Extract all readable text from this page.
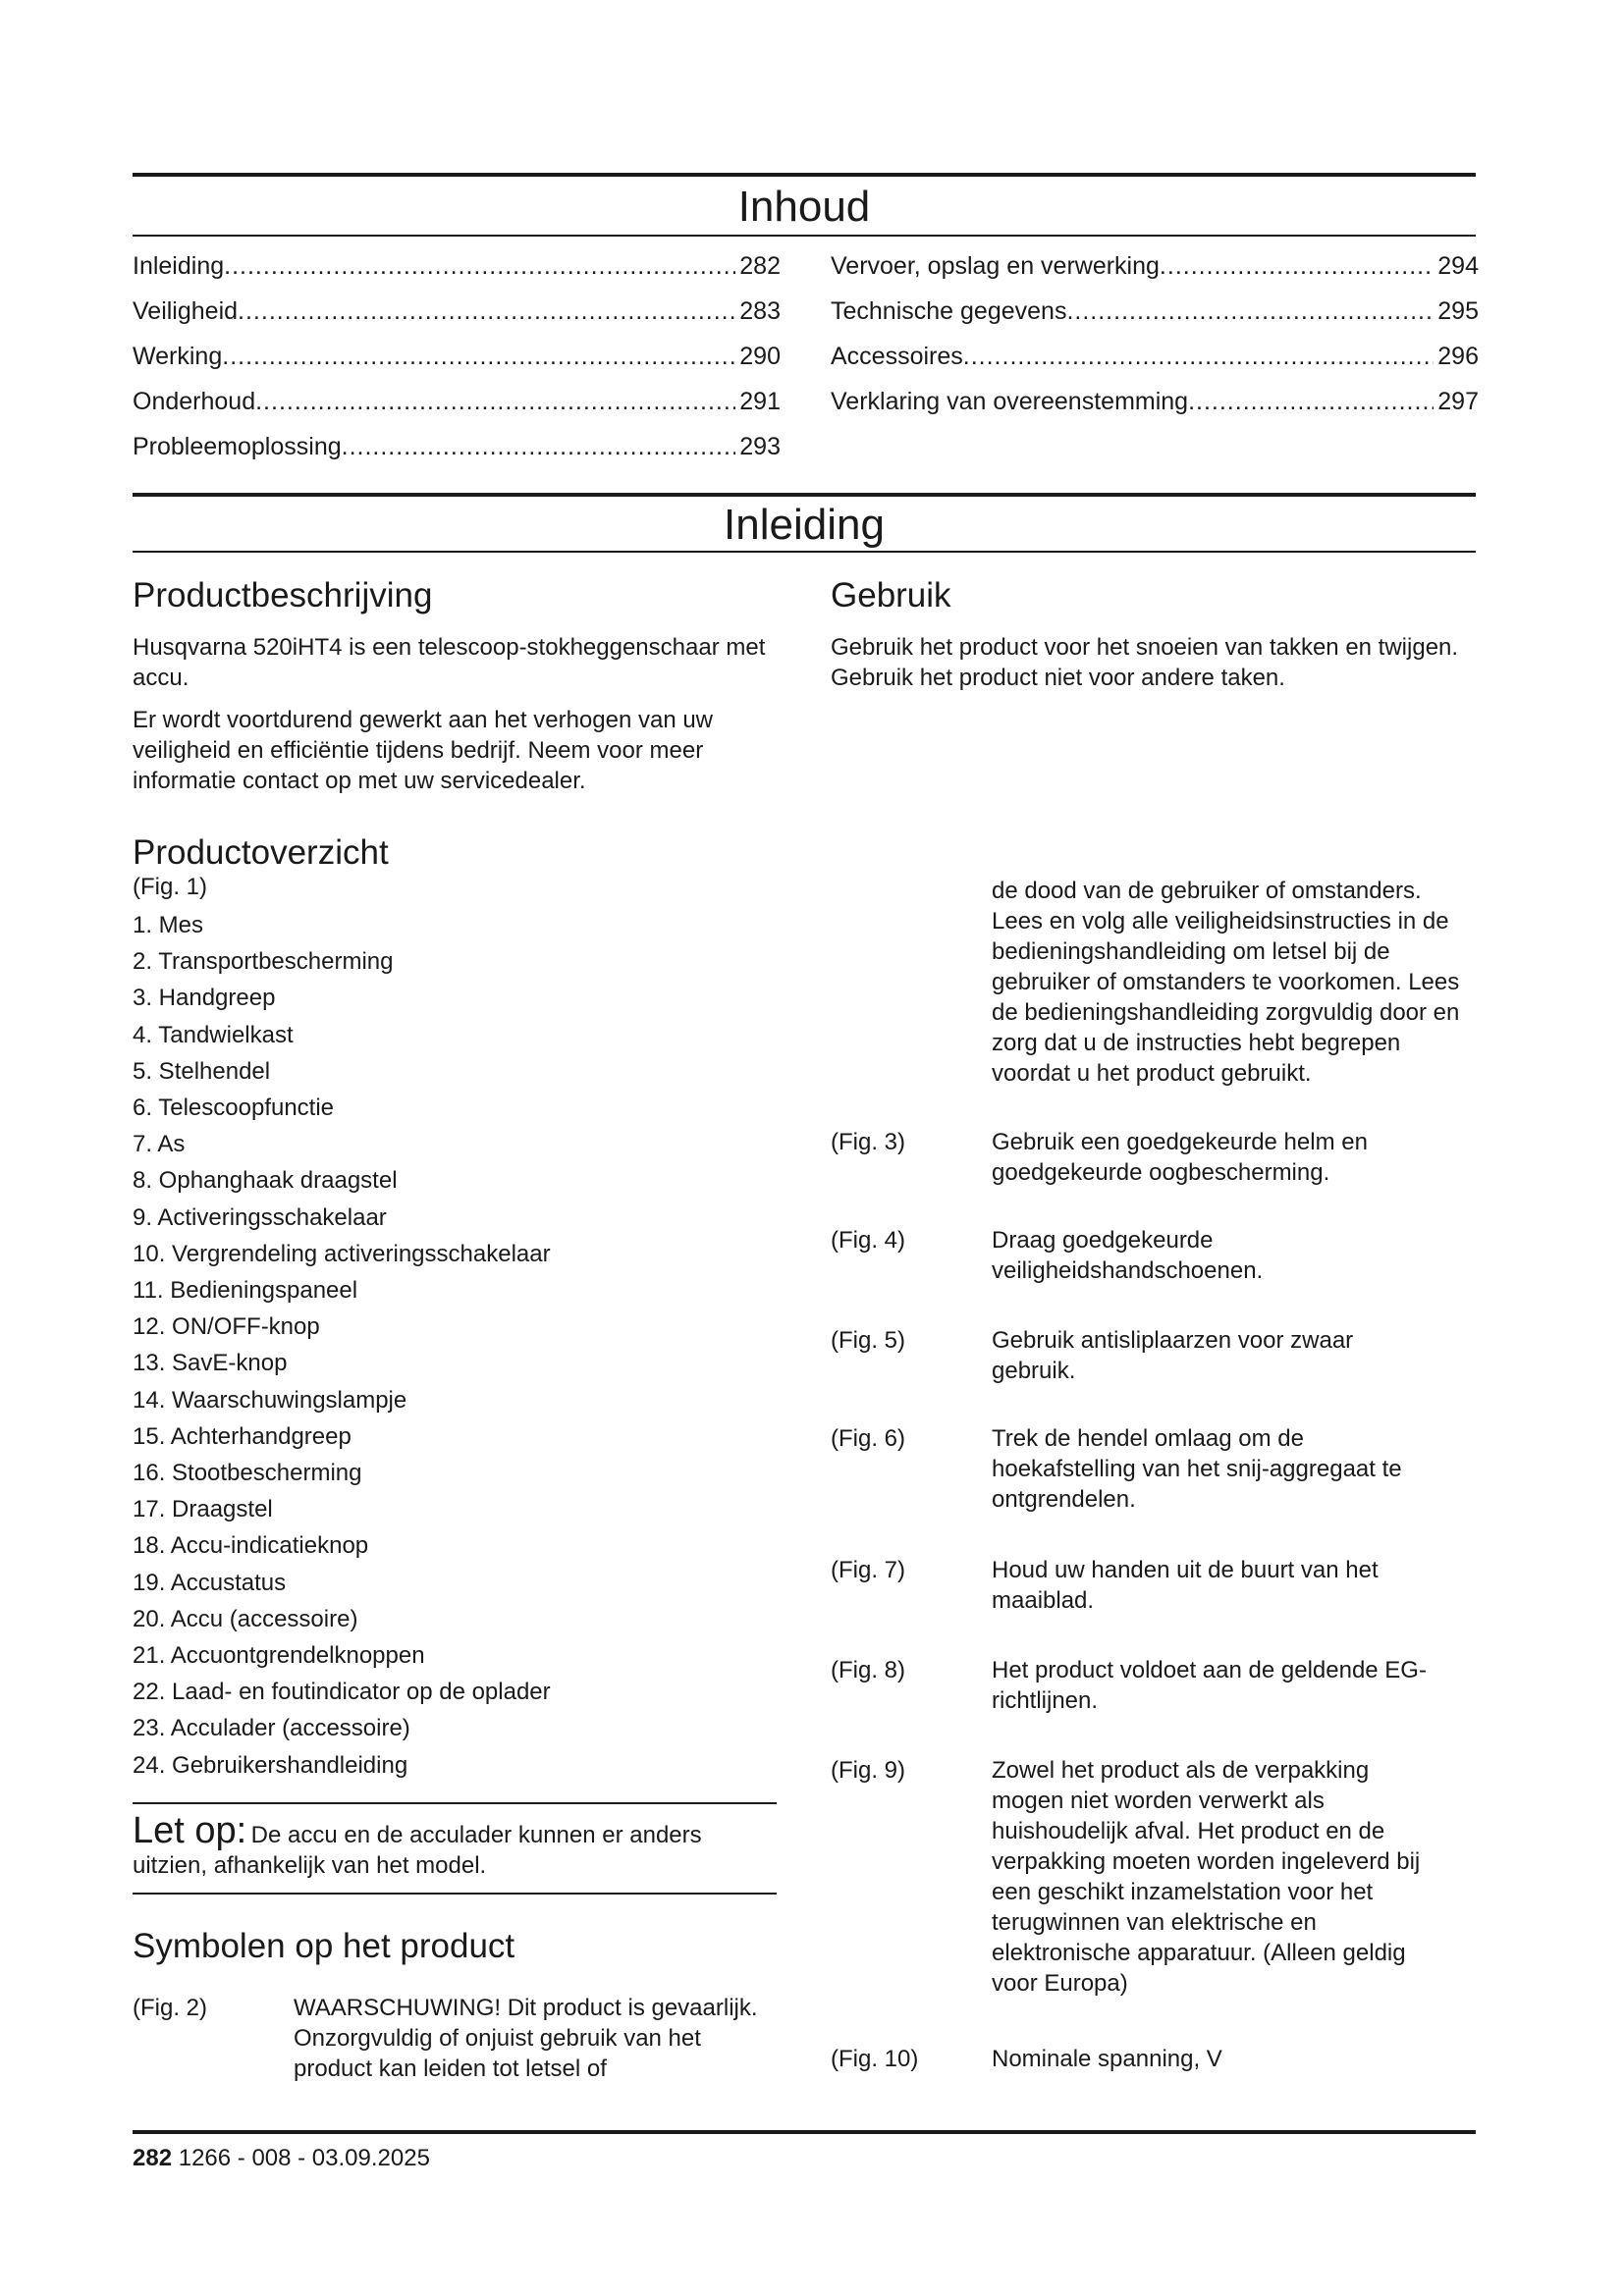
Inhoud
Inleiding .....	282
Veiligheid .....	283
Werking .....	290
Onderhoud .....	291
Probleemoplossing .....	293
Vervoer, opslag en verwerking .....	294
Technische gegevens .....	295
Accessoires .....	296
Verklaring van overeenstemming .....	297
Inleiding
Productbeschrijving

Husqvarna 520iHT4 is een telescoop-stokheggenschaar met accu.

Er wordt voortdurend gewerkt aan het verhogen van uw veiligheid en efficiëntie tijdens bedrijf. Neem voor meer informatie contact op met uw servicedealer.

Gebruik

Gebruik het product voor het snoeien van takken en twijgen. Gebruik het product niet voor andere taken.

Productoverzicht
(Fig. 1)
1. Mes
2. Transportbescherming
3. Handgreep
4. Tandwielkast
5. Stelhendel
6. Telescoopfunctie
7. As
8. Ophanghaak draagstel
9. Activeringsschakelaar
10. Vergrendeling activeringsschakelaar
11. Bedieningspaneel
12. ON/OFF-knop
13. SavE-knop
14. Waarschuwingslampje
15. Achterhandgreep
16. Stootbescherming
17. Draagstel
18. Accu-indicatieknop
19. Accustatus
20. Accu (accessoire)
21. Accuontgrendelknoppen
22. Laad- en foutindicator op de oplader
23. Acculader (accessoire)
24. Gebruikershandleiding
Let op: De accu en de acculader kunnen er anders uitzien, afhankelijk van het model.
Symbolen op het product
(Fig. 2)	WAARSCHUWING! Dit product is gevaarlijk. Onzorgvuldig of onjuist gebruik van het product kan leiden tot letsel of
de dood van de gebruiker of omstanders. Lees en volg alle veiligheidsinstructies in de bedieningshandleiding om letsel bij de gebruiker of omstanders te voorkomen. Lees de bedieningshandleiding zorgvuldig door en zorg dat u de instructies hebt begrepen voordat u het product gebruikt.
(Fig. 3)	Gebruik een goedgekeurde helm en goedgekeurde oogbescherming.
(Fig. 4)	Draag goedgekeurde veiligheidshandschoenen.
(Fig. 5)	Gebruik antisliplaarzen voor zwaar gebruik.
(Fig. 6)	Trek de hendel omlaag om de hoekafstelling van het snij-aggregaat te ontgrendelen.
(Fig. 7)	Houd uw handen uit de buurt van het maaiblad.
(Fig. 8)	Het product voldoet aan de geldende EG-richtlijnen.
(Fig. 9)	Zowel het product als de verpakking mogen niet worden verwerkt als huishoudelijk afval. Het product en de verpakking moeten worden ingeleverd bij een geschikt inzamelstation voor het terugwinnen van elektrische en elektronische apparatuur. (Alleen geldig voor Europa)
(Fig. 10)	Nominale spanning, V
282 1266 - 008 - 03.09.2025
